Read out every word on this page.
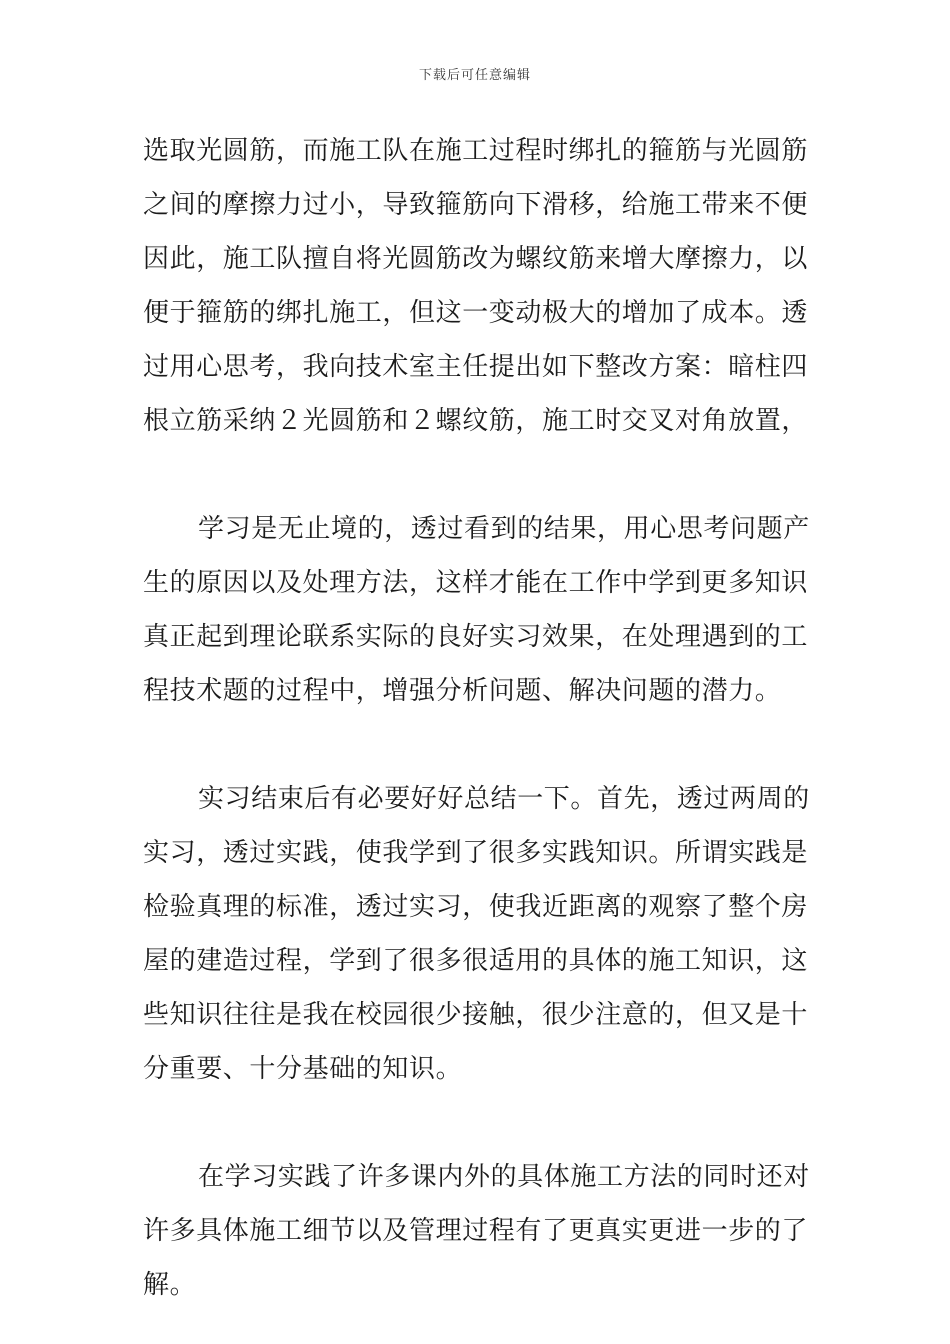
下载后可任意编辑
选取光圆筋，而施工队在施工过程时绑扎的箍筋与光圆筋
之间的摩擦力过小，导致箍筋向下滑移，给施工带来不便
因此，施工队擅自将光圆筋改为螺纹筋来增大摩擦力，以
便于箍筋的绑扎施工，但这一变动极大的增加了成本。透
过用心思考，我向技术室主任提出如下整改方案：暗柱四
根立筋采纳２光圆筋和２螺纹筋，施工时交叉对角放置，
学习是无止境的，透过看到的结果，用心思考问题产
生的原因以及处理方法，这样才能在工作中学到更多知识
真正起到理论联系实际的良好实习效果，在处理遇到的工
程技术题的过程中，增强分析问题、解决问题的潜力。
实习结束后有必要好好总结一下。首先，透过两周的
实习，透过实践，使我学到了很多实践知识。所谓实践是
检验真理的标准，透过实习，使我近距离的观察了整个房
屋的建造过程，学到了很多很适用的具体的施工知识，这
些知识往往是我在校园很少接触，很少注意的，但又是十
分重要、十分基础的知识。
在学习实践了许多课内外的具体施工方法的同时还对
许多具体施工细节以及管理过程有了更真实更进一步的了
解。
